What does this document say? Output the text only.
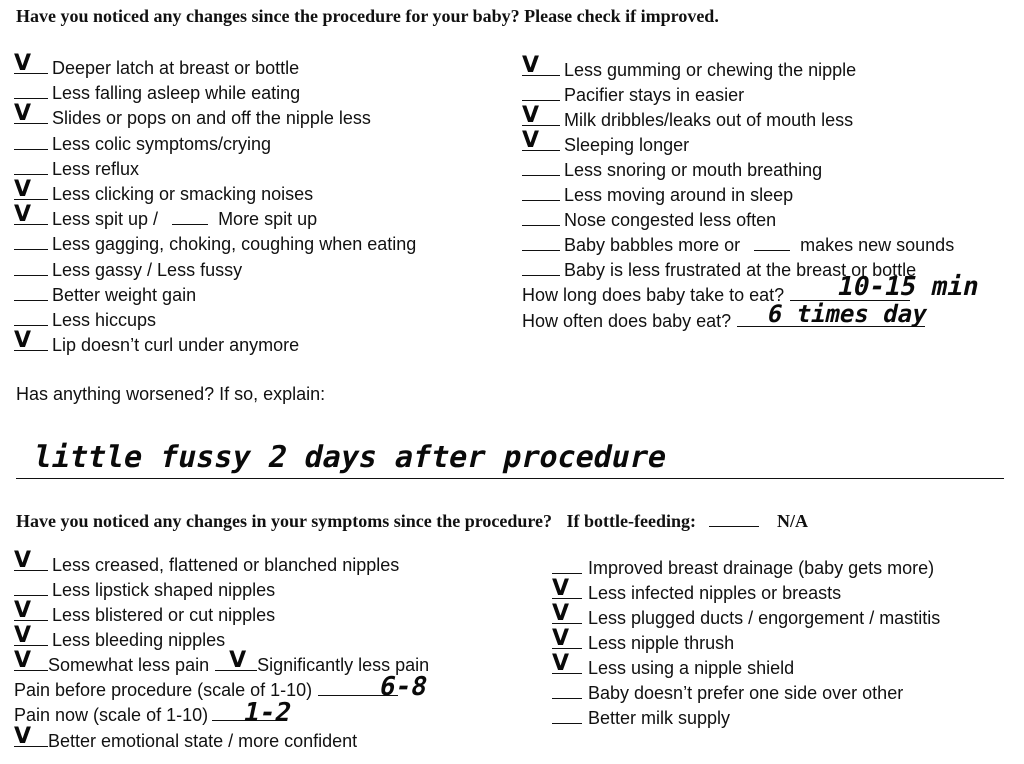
Have you noticed any changes since the procedure for your baby? Please check if improved.
V Deeper latch at breast or bottle
Less falling asleep while eating
V Slides or pops on and off the nipple less
Less colic symptoms/crying
Less reflux
V Less clicking or smacking noises
V Less spit up /	More spit up
Less gagging, choking, coughing when eating
Less gassy / Less fussy
Better weight gain
Less hiccups
V Lip doesn’t curl under anymore
V Less gumming or chewing the nipple
Pacifier stays in easier
V Milk dribbles/leaks out of mouth less
V Sleeping longer
Less snoring or mouth breathing
Less moving around in sleep
Nose congested less often
Baby babbles more or	makes new sounds
Baby is less frustrated at the breast or bottle
How long does baby take to eat? 10-15 min
How often does baby eat? 6 times day
Has anything worsened? If so, explain:
little fussy 2 days after procedure
Have you noticed any changes in your symptoms since the procedure? If bottle-feeding:	N/A
V Less creased, flattened or blanched nipples
Less lipstick shaped nipples
V Less blistered or cut nipples
V Less bleeding nipples
V Somewhat less pain V Significantly less pain
Pain before procedure (scale of 1-10) 6-8
Pain now (scale of 1-10) 1-2
V Better emotional state / more confident
Improved breast drainage (baby gets more)
V Less infected nipples or breasts
V Less plugged ducts / engorgement / mastitis
V Less nipple thrush
V Less using a nipple shield
Baby doesn’t prefer one side over other
Better milk supply
